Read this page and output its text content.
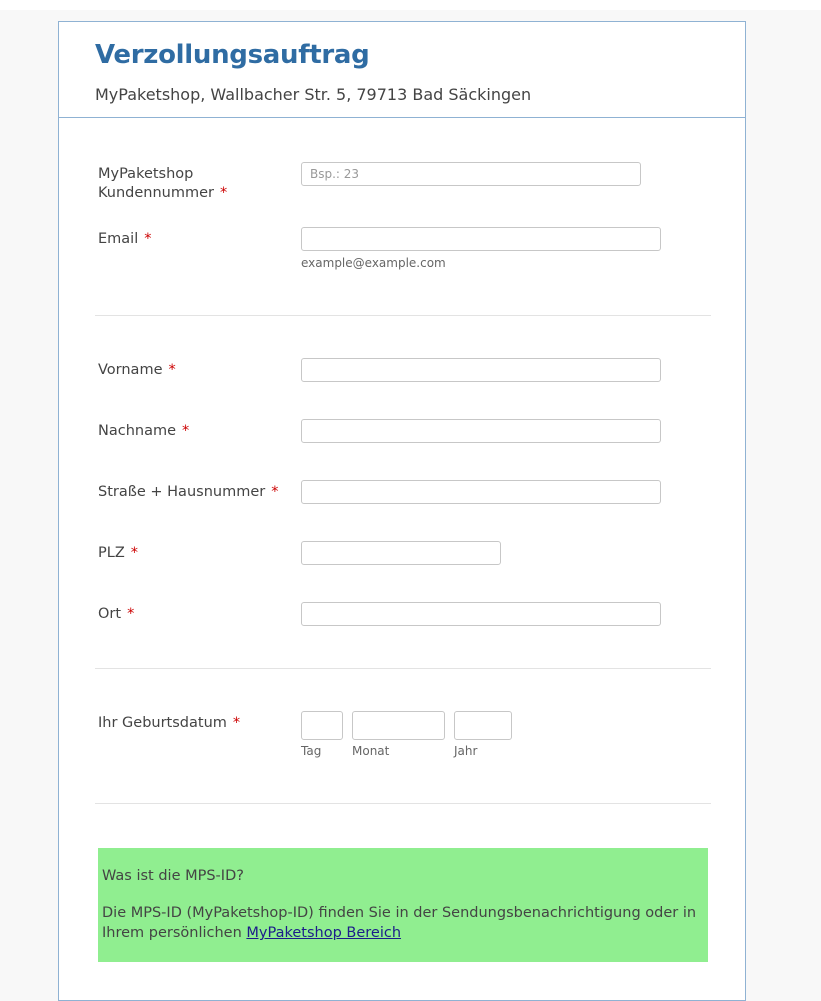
Verzollungsauftrag
MyPaketshop, Wallbacher Str. 5, 79713 Bad Säckingen
MyPaketshop
Kundennummer *
Bsp.: 23
Email *
example@example.com
Vorname *
Nachname *
Straße + Hausnummer *
PLZ *
Ort *
Ihr Geburtsdatum *
Tag	Monat	Jahr
Was ist die MPS-ID?
Die MPS-ID (MyPaketshop-ID) finden Sie in der Sendungsbenachrichtigung oder in Ihrem persönlichen MyPaketshop Bereich
